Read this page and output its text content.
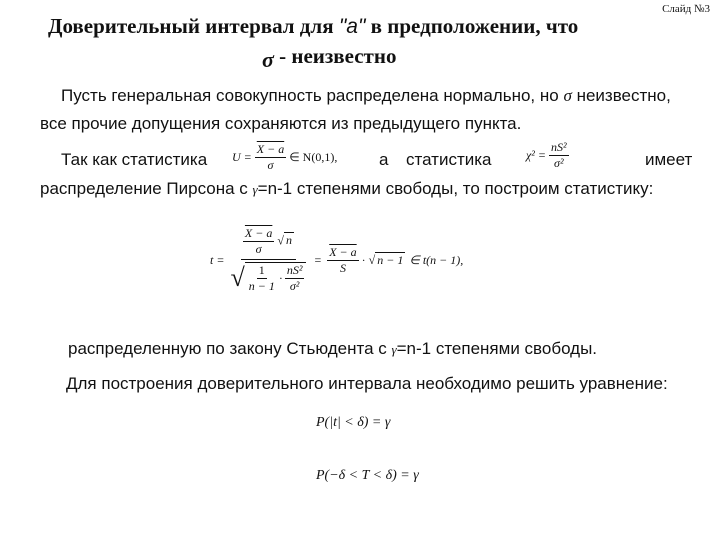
Слайд №3
Доверительный интервал для "a" в предположении, что
σ - неизвестно
Пусть генеральная совокупность распределена нормально, но σ неизвестно,
все прочие допущения сохраняются из предыдущего пункта.
Так как статистика $U = \frac{X - a}{\sigma}$ ∈ N(0,1), а статистика	$\chi^2 = \frac{\text{nS²}}{\text{σ²}}$	имеет
распределение Пирсона с γ=n-1 степенями свободы, то построим статистику:
t =
$\frac{X - a}{\sigma}$ √ n
√ $\frac{1}{n - 1} \cdot \frac{\text{nS²}}{\text{σ²}}$
= $\frac{X - a}{S}$ · √ n − 1 ∈ t(n − 1),
распределенную по закону Стьюдента с γ=n-1 степенями свободы.
Для построения доверительного интервала необходимо решить уравнение:
P(|t| < δ) = γ
P(−δ < T < δ) = γ
